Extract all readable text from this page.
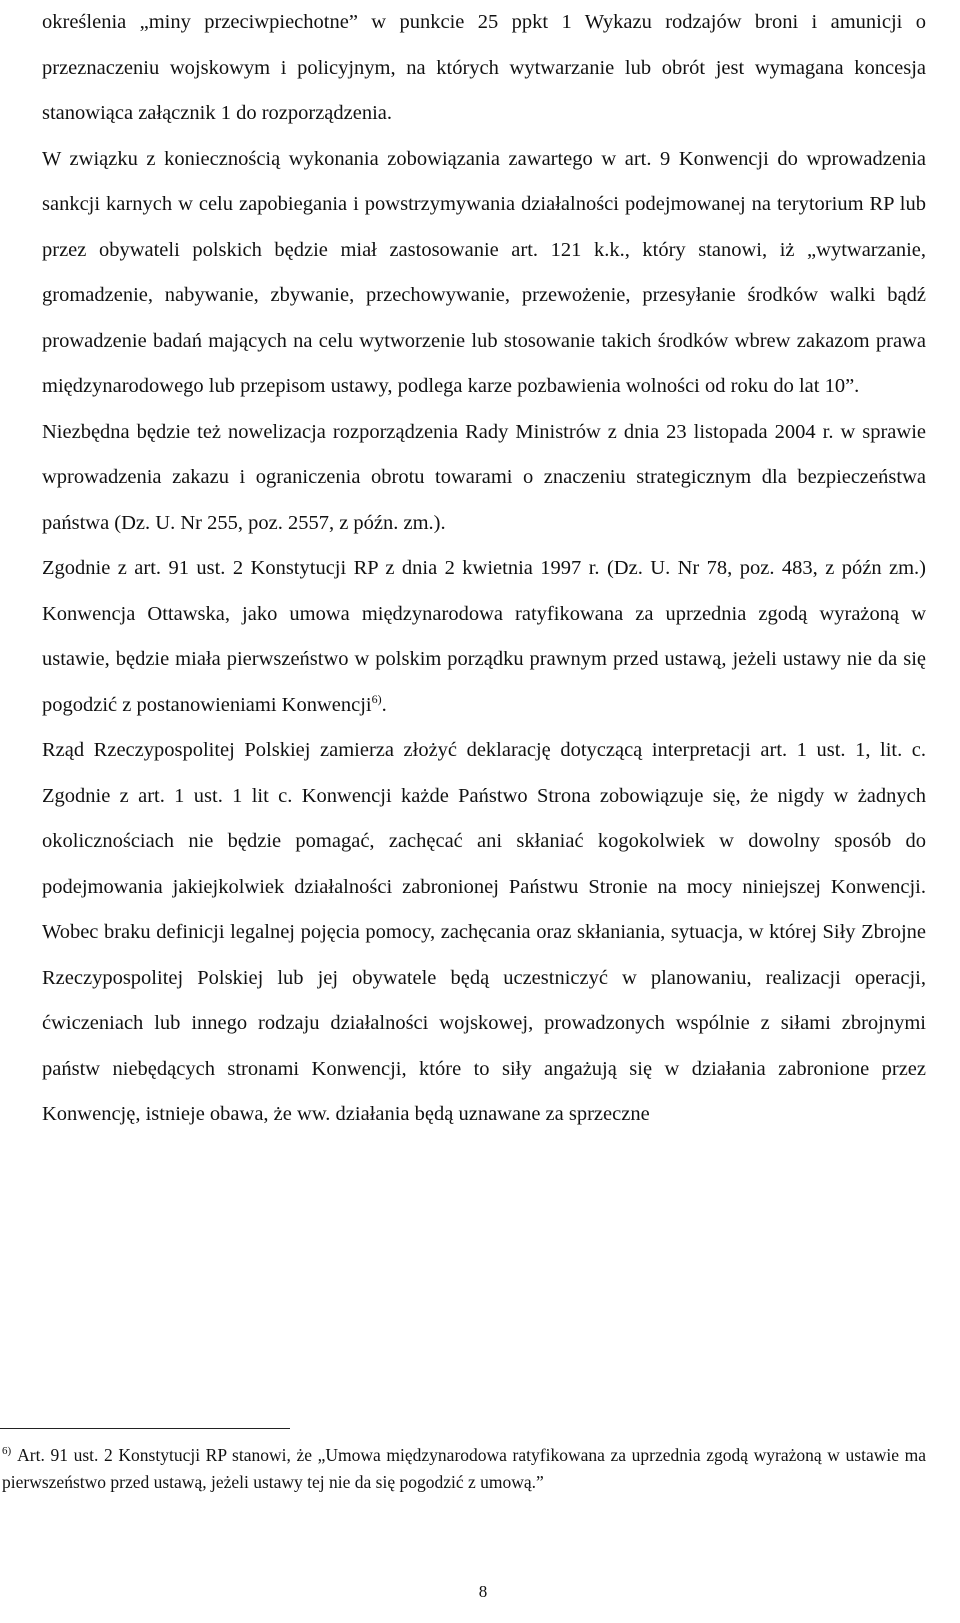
określenia „miny przeciwpiechotne” w punkcie 25 ppkt 1 Wykazu rodzajów broni i amunicji o przeznaczeniu wojskowym i policyjnym, na których wytwarzanie lub obrót jest wymagana koncesja stanowiąca załącznik 1 do rozporządzenia.

W związku z koniecznością wykonania zobowiązania zawartego w art. 9 Konwencji do wprowadzenia sankcji karnych w celu zapobiegania i powstrzymywania działalności podejmowanej na terytorium RP lub przez obywateli polskich będzie miał zastosowanie art. 121 k.k., który stanowi, iż „wytwarzanie, gromadzenie, nabywanie, zbywanie, przechowywanie, przewożenie, przesyłanie środków walki bądź prowadzenie badań mających na celu wytworzenie lub stosowanie takich środków wbrew zakazom prawa międzynarodowego lub przepisom ustawy, podlega karze pozbawienia wolności od roku do lat 10”.

Niezbędna będzie też nowelizacja rozporządzenia Rady Ministrów z dnia 23 listopada 2004 r. w sprawie wprowadzenia zakazu i ograniczenia obrotu towarami o znaczeniu strategicznym dla bezpieczeństwa państwa (Dz. U. Nr 255, poz. 2557, z późn. zm.).

Zgodnie z art. 91 ust. 2 Konstytucji RP z dnia 2 kwietnia 1997 r. (Dz. U. Nr 78, poz. 483, z późn zm.) Konwencja Ottawska, jako umowa międzynarodowa ratyfikowana za uprzednia zgodą wyrażoną w ustawie, będzie miała pierwszeństwo w polskim porządku prawnym przed ustawą, jeżeli ustawy nie da się pogodzić z postanowieniami Konwencji$^{6)}$.

Rząd Rzeczypospolitej Polskiej zamierza złożyć deklarację dotyczącą interpretacji art. 1 ust. 1, lit. c. Zgodnie z art. 1 ust. 1 lit c. Konwencji każde Państwo Strona zobowiązuje się, że nigdy w żadnych okolicznościach nie będzie pomagać, zachęcać ani skłaniać kogokolwiek w dowolny sposób do podejmowania jakiejkolwiek działalności zabronionej Państwu Stronie na mocy niniejszej Konwencji. Wobec braku definicji legalnej pojęcia pomocy, zachęcania oraz skłaniania, sytuacja, w której Siły Zbrojne Rzeczypospolitej Polskiej lub jej obywatele będą uczestniczyć w planowaniu, realizacji operacji, ćwiczeniach lub innego rodzaju działalności wojskowej, prowadzonych wspólnie z siłami zbrojnymi państw niebędących stronami Konwencji, które to siły angażują się w działania zabronione przez Konwencję, istnieje obawa, że ww. działania będą uznawane za sprzeczne

$^{6)}$ Art. 91 ust. 2 Konstytucji RP stanowi, że „Umowa międzynarodowa ratyfikowana za uprzednia zgodą wyrażoną w ustawie ma pierwszeństwo przed ustawą, jeżeli ustawy tej nie da się pogodzić z umową.”
8
